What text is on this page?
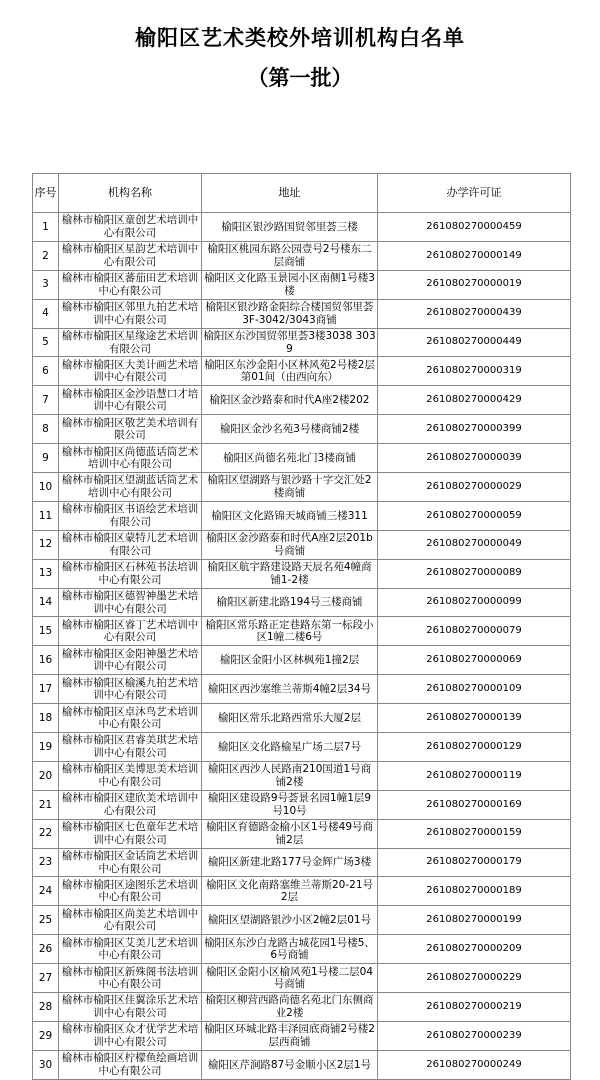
榆阳区艺术类校外培训机构白名单
（第一批）
序号	机构名称	地址	办学许可证
1	榆林市榆阳区童创艺术培训中心有限公司	榆阳区银沙路国贸邻里荟三楼	261080270000459
2	榆林市榆阳区星韵艺术培训中心有限公司	榆阳区桃园东路公园壹号2号楼东二层商铺	261080270000149
3	榆林市榆阳区蕃茄田艺术培训中心有限公司	榆阳区文化路玉景园小区南侧1号楼3楼	261080270000019
4	榆林市榆阳区邻里九拍艺术培训中心有限公司	榆阳区银沙路金阳综合楼国贸邻里荟3F-3042/3043商铺	261080270000439
5	榆林市榆阳区星缘途艺术培训有限公司	榆阳区东沙国贸邻里荟3楼3038 3039	261080270000449
6	榆林市榆阳区大美计画艺术培训中心有限公司	榆阳区东沙金阳小区林风苑2号楼2层第01间（由西向东）	261080270000319
7	榆林市榆阳区金沙语慧口才培训中心有限公司	榆阳区金沙路泰和时代A座2楼202	261080270000429
8	榆林市榆阳区敬艺美术培训有限公司	榆阳区金沙名苑3号楼商铺2楼	261080270000399
9	榆林市榆阳区尚德蓝话筒艺术培训中心有限公司	榆阳区尚德名苑北门3楼商铺	261080270000039
10	榆林市榆阳区望湖蓝话筒艺术培训中心有限公司	榆阳区望湖路与银沙路十字交汇处2楼商铺	261080270000029
11	榆林市榆阳区书语绘艺术培训有限公司	榆阳区文化路锦天城商铺三楼311	261080270000059
12	榆林市榆阳区蒙特儿艺术培训有限公司	榆阳区金沙路泰和时代A座2层201b号商铺	261080270000049
13	榆林市榆阳区石林苑书法培训中心有限公司	榆阳区航宇路建设路天辰名苑4幢商铺1-2楼	261080270000089
14	榆林市榆阳区德智神墨艺术培训中心有限公司	榆阳区新建北路194号三楼商铺	261080270000099
15	榆林市榆阳区睿丁艺术培训中心有限公司	榆阳区常乐路正定巷路东第一标段小区1幢二楼6号	261080270000079
16	榆林市榆阳区金阳神墨艺术培训中心有限公司	榆阳区金阳小区林枫苑1撞2层	261080270000069
17	榆林市榆阳区榆溪九拍艺术培训中心有限公司	榆阳区西沙塞维兰蒂斯4幢2层34号	261080270000109
18	榆林市榆阳区卓沐鸟艺术培训中心有限公司	榆阳区常乐北路西常乐大厦2层	261080270000139
19	榆林市榆阳区君睿美琪艺术培训中心有限公司	榆阳区文化路榆星广场二层7号	261080270000129
20	榆林市榆阳区美博思美术培训中心有限公司	榆阳区西沙人民路南210国道1号商铺2楼	261080270000119
21	榆林市榆阳区建欣美术培训中心有限公司	榆阳区建设路9号荟景名园1幢1层9号10号	261080270000169
22	榆林市榆阳区七色童年艺术培训中心有限公司	榆阳区育德路金榆小区1号楼49号商铺2层	261080270000159
23	榆林市榆阳区金话筒艺术培训中心有限公司	榆阳区新建北路177号金辉广场3楼	261080270000179
24	榆林市榆阳区途图乐艺术培训中心有限公司	榆阳区文化南路塞维兰蒂斯20-21号2层	261080270000189
25	榆林市榆阳区尚美艺术培训中心有限公司	榆阳区望湖路银沙小区2幢2层01号	261080270000199
26	榆林市榆阳区艾美儿艺术培训中心有限公司	榆阳区东沙白龙路古城花园1号楼5、6号商铺	261080270000209
27	榆林市榆阳区新殊阁书法培训中心有限公司	榆阳区金阳小区榆风苑1号楼二层04号商铺	261080270000229
28	榆林市榆阳区佳翼涂乐艺术培训中心有限公司	榆阳区柳营西路尚德名苑北门东侧商业2楼	261080270000219
29	榆林市榆阳区众才优学艺术培训中心有限公司	榆阳区环城北路丰泽园底商铺2号楼2层西商铺	261080270000239
30	榆林市榆阳区柠檬鱼绘画培训中心有限公司	榆阳区芹涧路87号金顺小区2层1号	261080270000249
